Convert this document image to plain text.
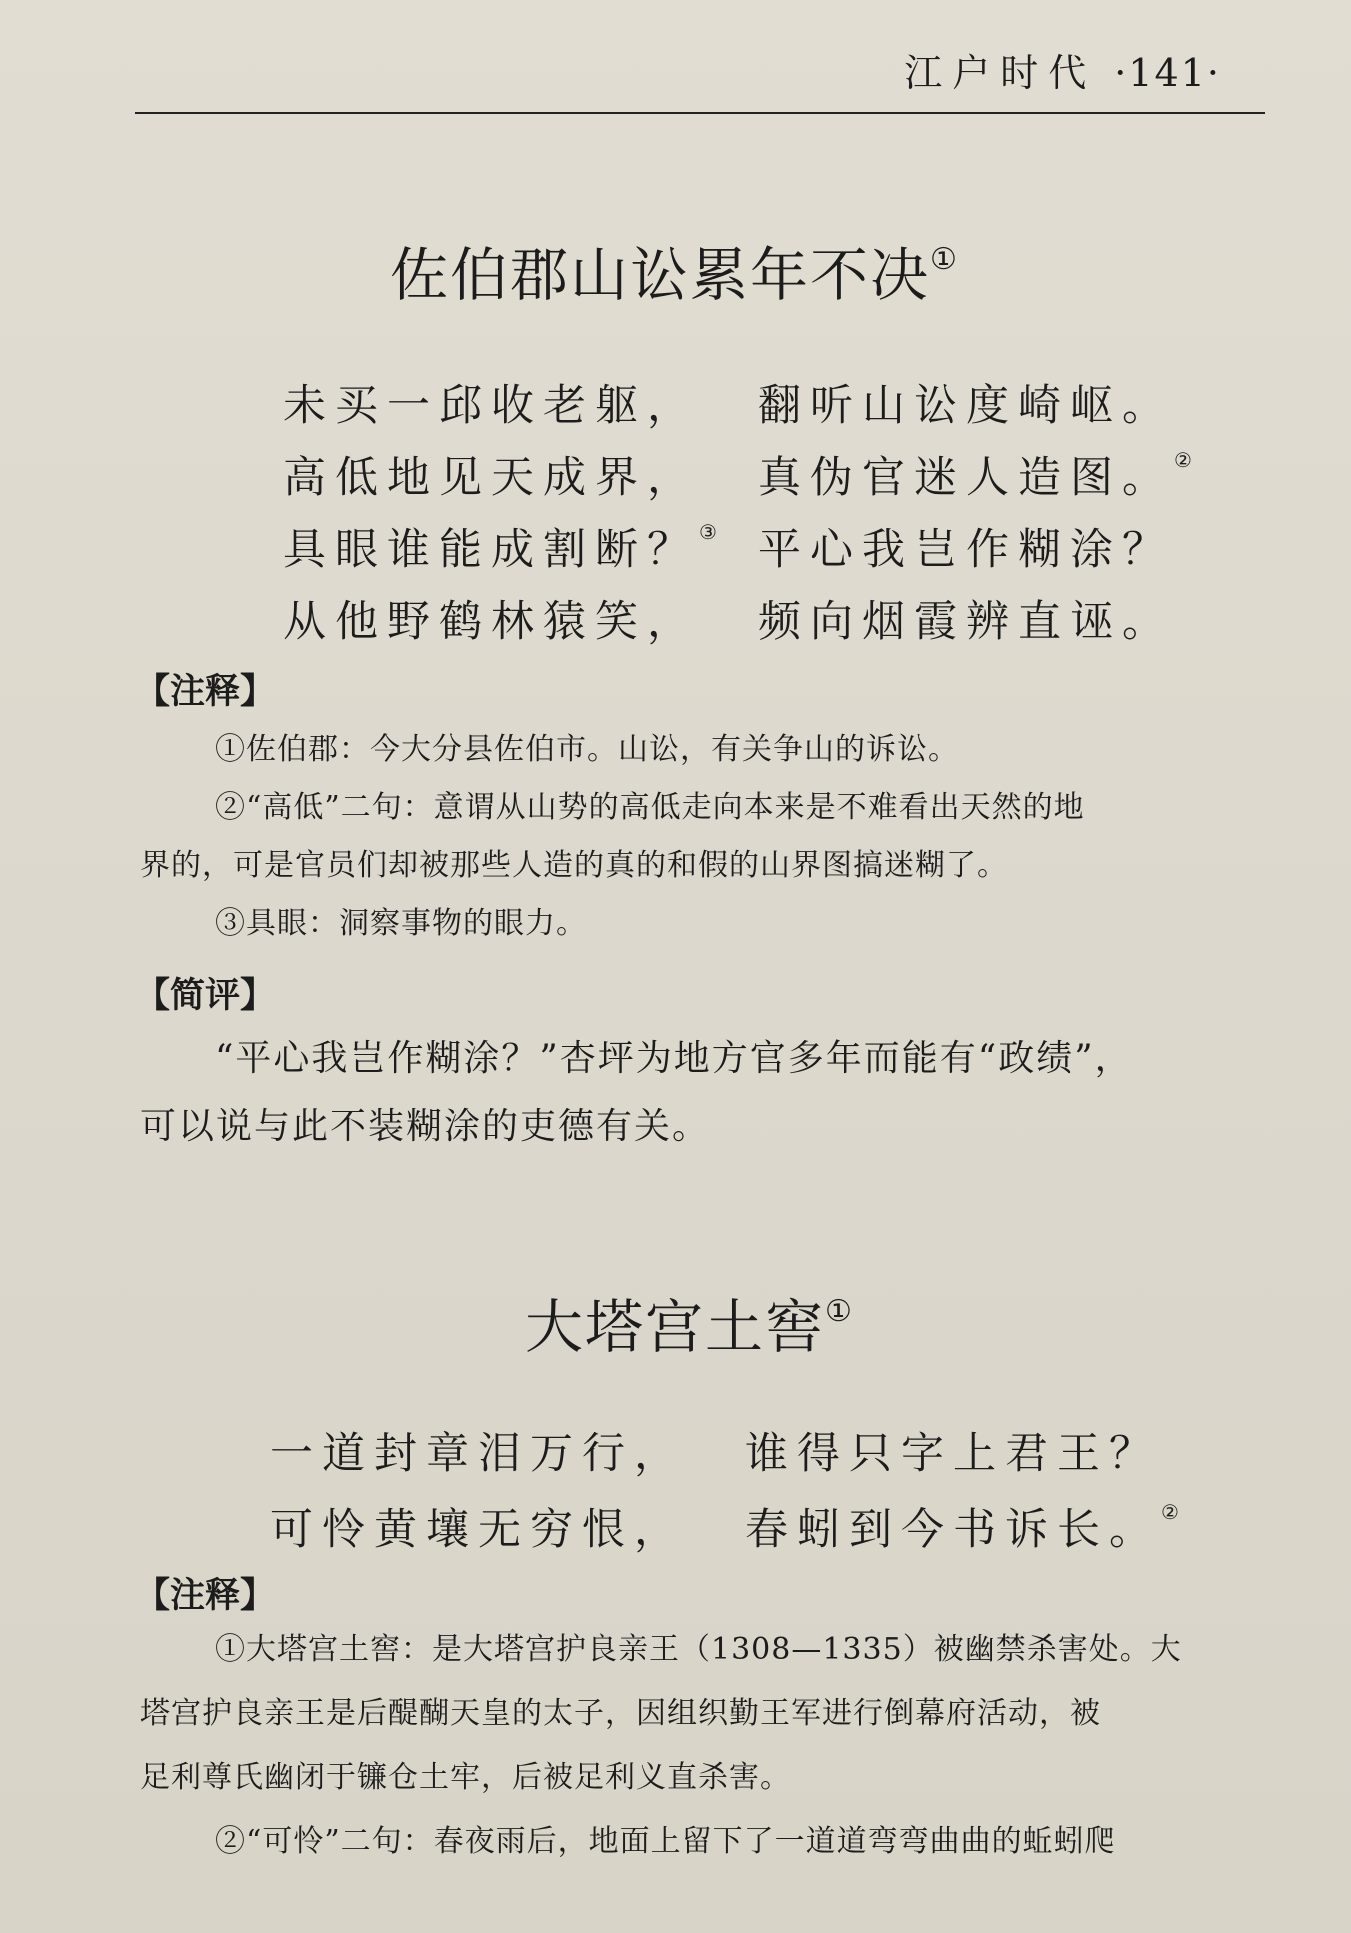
江户时代 ·141·
佐伯郡山讼累年不决①
未买一邱收老躯， 翻听山讼度崎岖。
高低地见天成界， 真伪官迷人造图。②
具眼谁能成割断？③ 平心我岂作糊涂？
从他野鹤林猿笑， 频向烟霞辨直诬。
【注释】
①佐伯郡：今大分县佐伯市。山讼，有关争山的诉讼。
②“高低”二句：意谓从山势的高低走向本来是不难看出天然的地
界的，可是官员们却被那些人造的真的和假的山界图搞迷糊了。
③具眼：洞察事物的眼力。
【简评】
“平心我岂作糊涂？”杏坪为地方官多年而能有“政绩”，
可以说与此不装糊涂的吏德有关。
大塔宫土窖①
一道封章泪万行， 谁得只字上君王？
可怜黄壤无穷恨， 春蚓到今书诉长。②
【注释】
①大塔宫土窖：是大塔宫护良亲王（1308—1335）被幽禁杀害处。大
塔宫护良亲王是后醍醐天皇的太子，因组织勤王军进行倒幕府活动，被
足利尊氏幽闭于镰仓土牢，后被足利义直杀害。
②“可怜”二句：春夜雨后，地面上留下了一道道弯弯曲曲的蚯蚓爬
